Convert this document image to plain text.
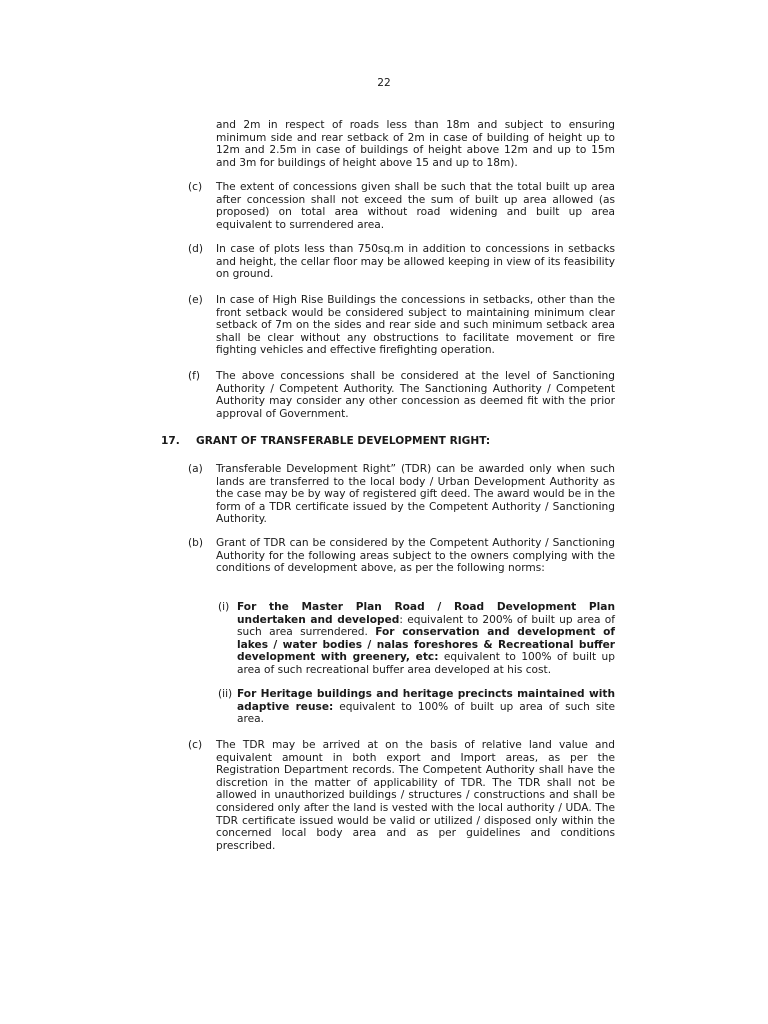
22
and 2m in respect of roads less than 18m and subject to ensuring minimum side and rear setback of 2m in case of building of height up to 12m and 2.5m in case of buildings of height above 12m and up to 15m and 3m for buildings of height above 15 and up to 18m).
(c) The extent of concessions given shall be such that the total built up area after concession shall not exceed the sum of built up area allowed (as proposed) on total area without road widening and built up area equivalent to surrendered area.
(d) In case of plots less than 750sq.m in addition to concessions in setbacks and height, the cellar floor may be allowed keeping in view of its feasibility on ground.
(e) In case of High Rise Buildings the concessions in setbacks, other than the front setback would be considered subject to maintaining minimum clear setback of 7m on the sides and rear side and such minimum setback area shall be clear without any obstructions to facilitate movement or fire fighting vehicles and effective firefighting operation.
(f) The above concessions shall be considered at the level of Sanctioning Authority / Competent Authority. The Sanctioning Authority / Competent Authority may consider any other concession as deemed fit with the prior approval of Government.
17. GRANT OF TRANSFERABLE DEVELOPMENT RIGHT:
(a) Transferable Development Right” (TDR) can be awarded only when such lands are transferred to the local body / Urban Development Authority as the case may be by way of registered gift deed. The award would be in the form of a TDR certificate issued by the Competent Authority / Sanctioning Authority.
(b) Grant of TDR can be considered by the Competent Authority / Sanctioning Authority for the following areas subject to the owners complying with the conditions of development above, as per the following norms:
(i) For the Master Plan Road / Road Development Plan undertaken and developed: equivalent to 200% of built up area of such area surrendered. For conservation and development of lakes / water bodies / nalas foreshores & Recreational buffer development with greenery, etc: equivalent to 100% of built up area of such recreational buffer area developed at his cost.
(ii) For Heritage buildings and heritage precincts maintained with adaptive reuse: equivalent to 100% of built up area of such site area.
(c) The TDR may be arrived at on the basis of relative land value and equivalent amount in both export and Import areas, as per the Registration Department records. The Competent Authority shall have the discretion in the matter of applicability of TDR. The TDR shall not be allowed in unauthorized buildings / structures / constructions and shall be considered only after the land is vested with the local authority / UDA. The TDR certificate issued would be valid or utilized / disposed only within the concerned local body area and as per guidelines and conditions prescribed.
